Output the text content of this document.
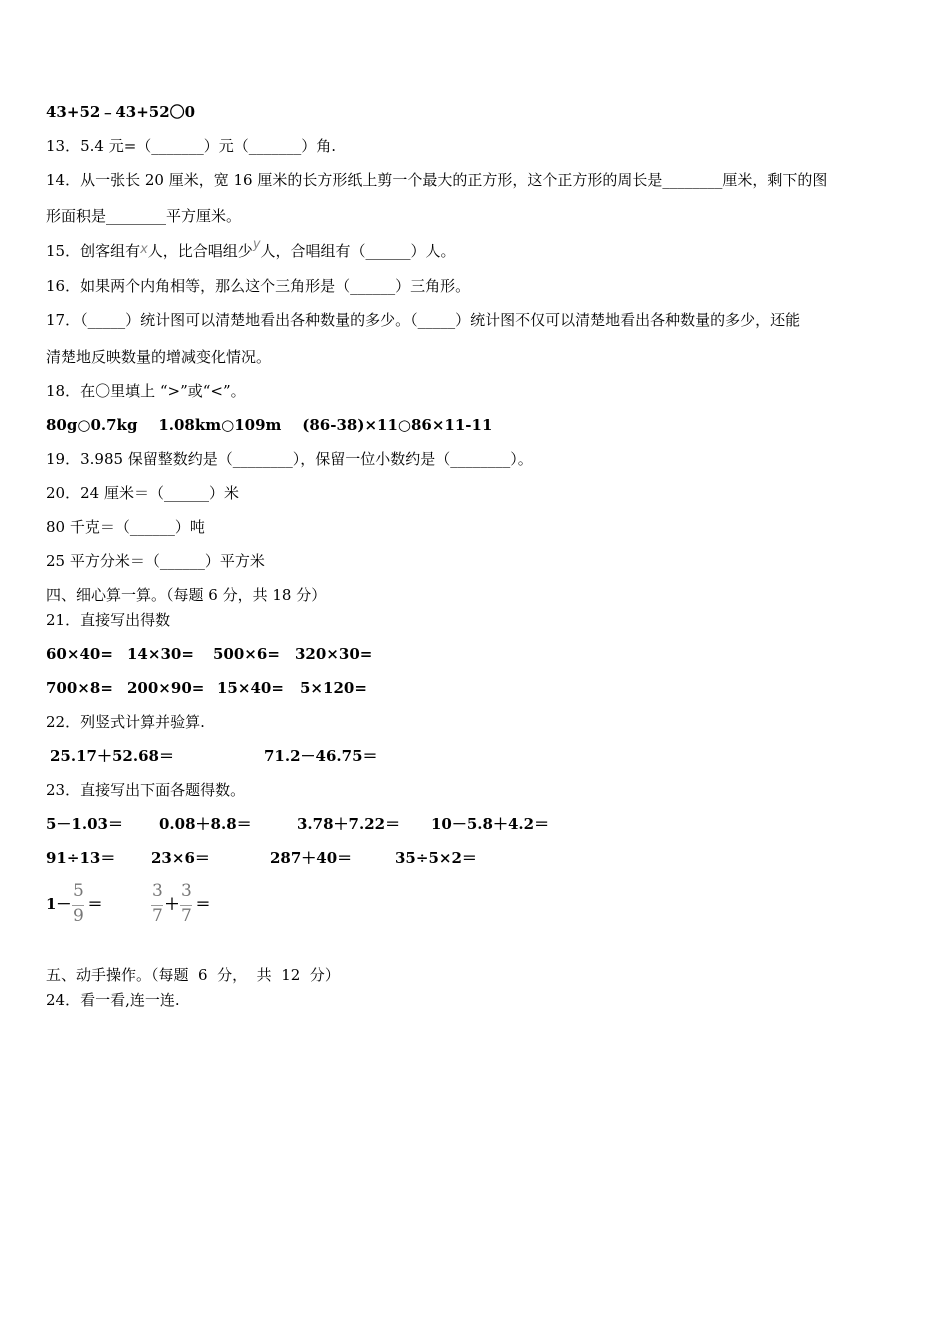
43+52﹣43+52〇0
13．5.4 元=（_______）元（_______）角.
14．从一张长 20 厘米，宽 16 厘米的长方形纸上剪一个最大的正方形，这个正方形的周长是________厘米，剩下的图
形面积是________平方厘米。
15．创客组有x人，比合唱组少y人，合唱组有（______）人。
16．如果两个内角相等，那么这个三角形是（______）三角形。
17．（_____）统计图可以清楚地看出各种数量的多少。（_____）统计图不仅可以清楚地看出各种数量的多少，还能
清楚地反映数量的增减变化情况。
18．在〇里填上 “>”或“<”。
80g○0.7kg    1.08km○109m    (86-38)×11○86×11-11
19．3.985 保留整数约是（________），保留一位小数约是（________）。
20．24 厘米＝（______）米
80 千克＝（______）吨
25 平方分米＝（______）平方米
四、细心算一算。（每题 6 分，共 18 分）
21．直接写出得数
60×40= 14×30= 500×6= 320×30=
700×8= 200×90= 15×40= 5×120=
22．列竖式计算并验算.
25.17＋52.68＝	71.2－46.75＝
23．直接写出下面各题得数。
5－1.03＝ 0.08＋8.8＝	3.78＋7.22＝ 10－5.8＋4.2＝
91÷13＝ 23×6＝	287＋40＝	35÷5×2＝
$1- \frac{5}{9}$ ＝	$\frac{3}{7} + \frac{3}{7}$ ＝
五、动手操作。（每题  6  分，  共  12  分）
24．看一看,连一连.
